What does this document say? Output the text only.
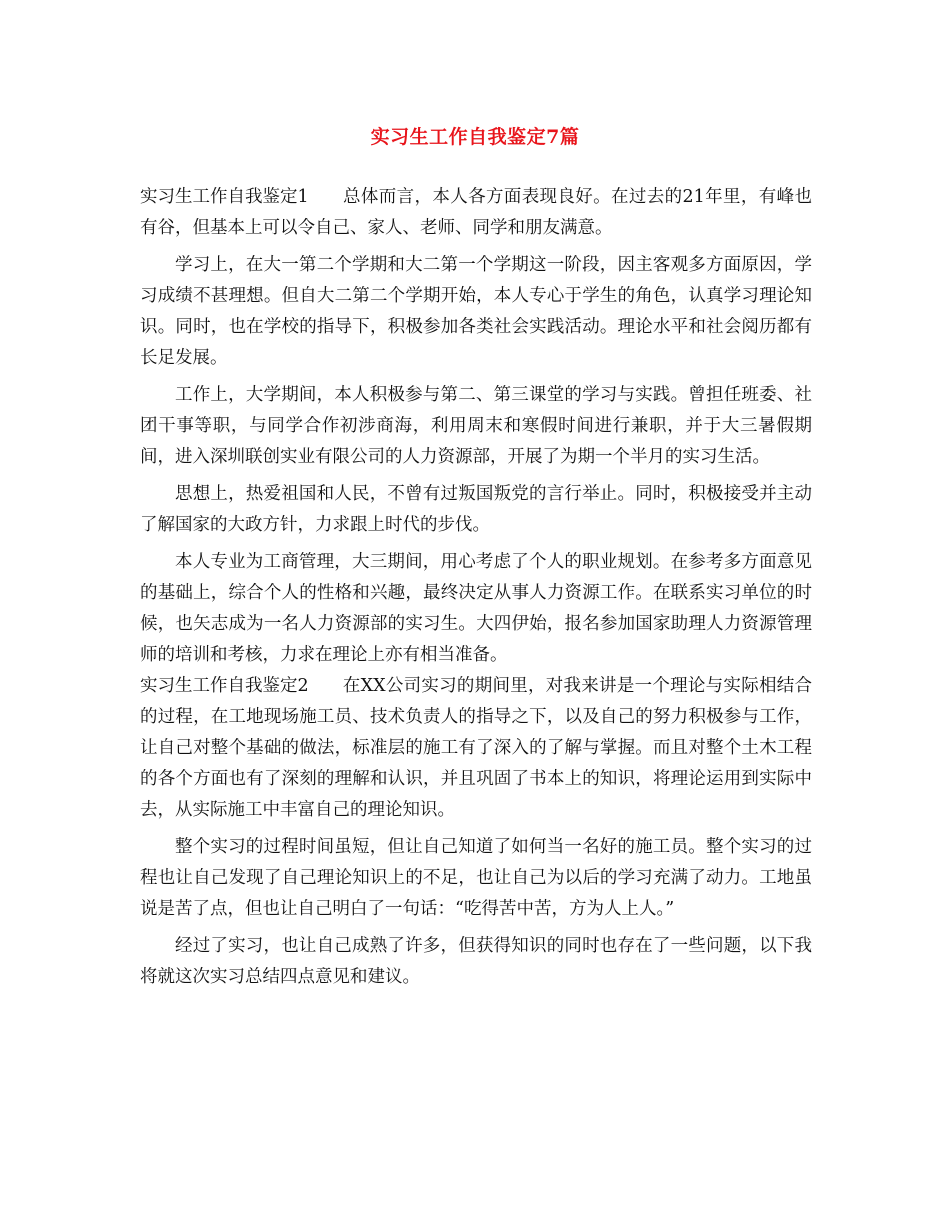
实习生工作自我鉴定7篇

实习生工作自我鉴定1 总体而言，本人各方面表现良好。在过去的21年里，有峰也有谷，但基本上可以令自己、家人、老师、同学和朋友满意。

学习上，在大一第二个学期和大二第一个学期这一阶段，因主客观多方面原因，学习成绩不甚理想。但自大二第二个学期开始，本人专心于学生的角色，认真学习理论知识。同时，也在学校的指导下，积极参加各类社会实践活动。理论水平和社会阅历都有长足发展。

工作上，大学期间，本人积极参与第二、第三课堂的学习与实践。曾担任班委、社团干事等职，与同学合作初涉商海，利用周末和寒假时间进行兼职，并于大三暑假期间，进入深圳联创实业有限公司的人力资源部，开展了为期一个半月的实习生活。

思想上，热爱祖国和人民，不曾有过叛国叛党的言行举止。同时，积极接受并主动了解国家的大政方针，力求跟上时代的步伐。

本人专业为工商管理，大三期间，用心考虑了个人的职业规划。在参考多方面意见的基础上，综合个人的性格和兴趣，最终决定从事人力资源工作。在联系实习单位的时候，也矢志成为一名人力资源部的实习生。大四伊始，报名参加国家助理人力资源管理师的培训和考核，力求在理论上亦有相当准备。

实习生工作自我鉴定2 在XX公司实习的期间里，对我来讲是一个理论与实际相结合的过程，在工地现场施工员、技术负责人的指导之下，以及自己的努力积极参与工作，让自己对整个基础的做法，标准层的施工有了深入的了解与掌握。而且对整个土木工程的各个方面也有了深刻的理解和认识，并且巩固了书本上的知识，将理论运用到实际中去，从实际施工中丰富自己的理论知识。

整个实习的过程时间虽短，但让自己知道了如何当一名好的施工员。整个实习的过程也让自己发现了自己理论知识上的不足，也让自己为以后的学习充满了动力。工地虽说是苦了点，但也让自己明白了一句话：“吃得苦中苦，方为人上人。”

经过了实习，也让自己成熟了许多，但获得知识的同时也存在了一些问题，以下我将就这次实习总结四点意见和建议。
